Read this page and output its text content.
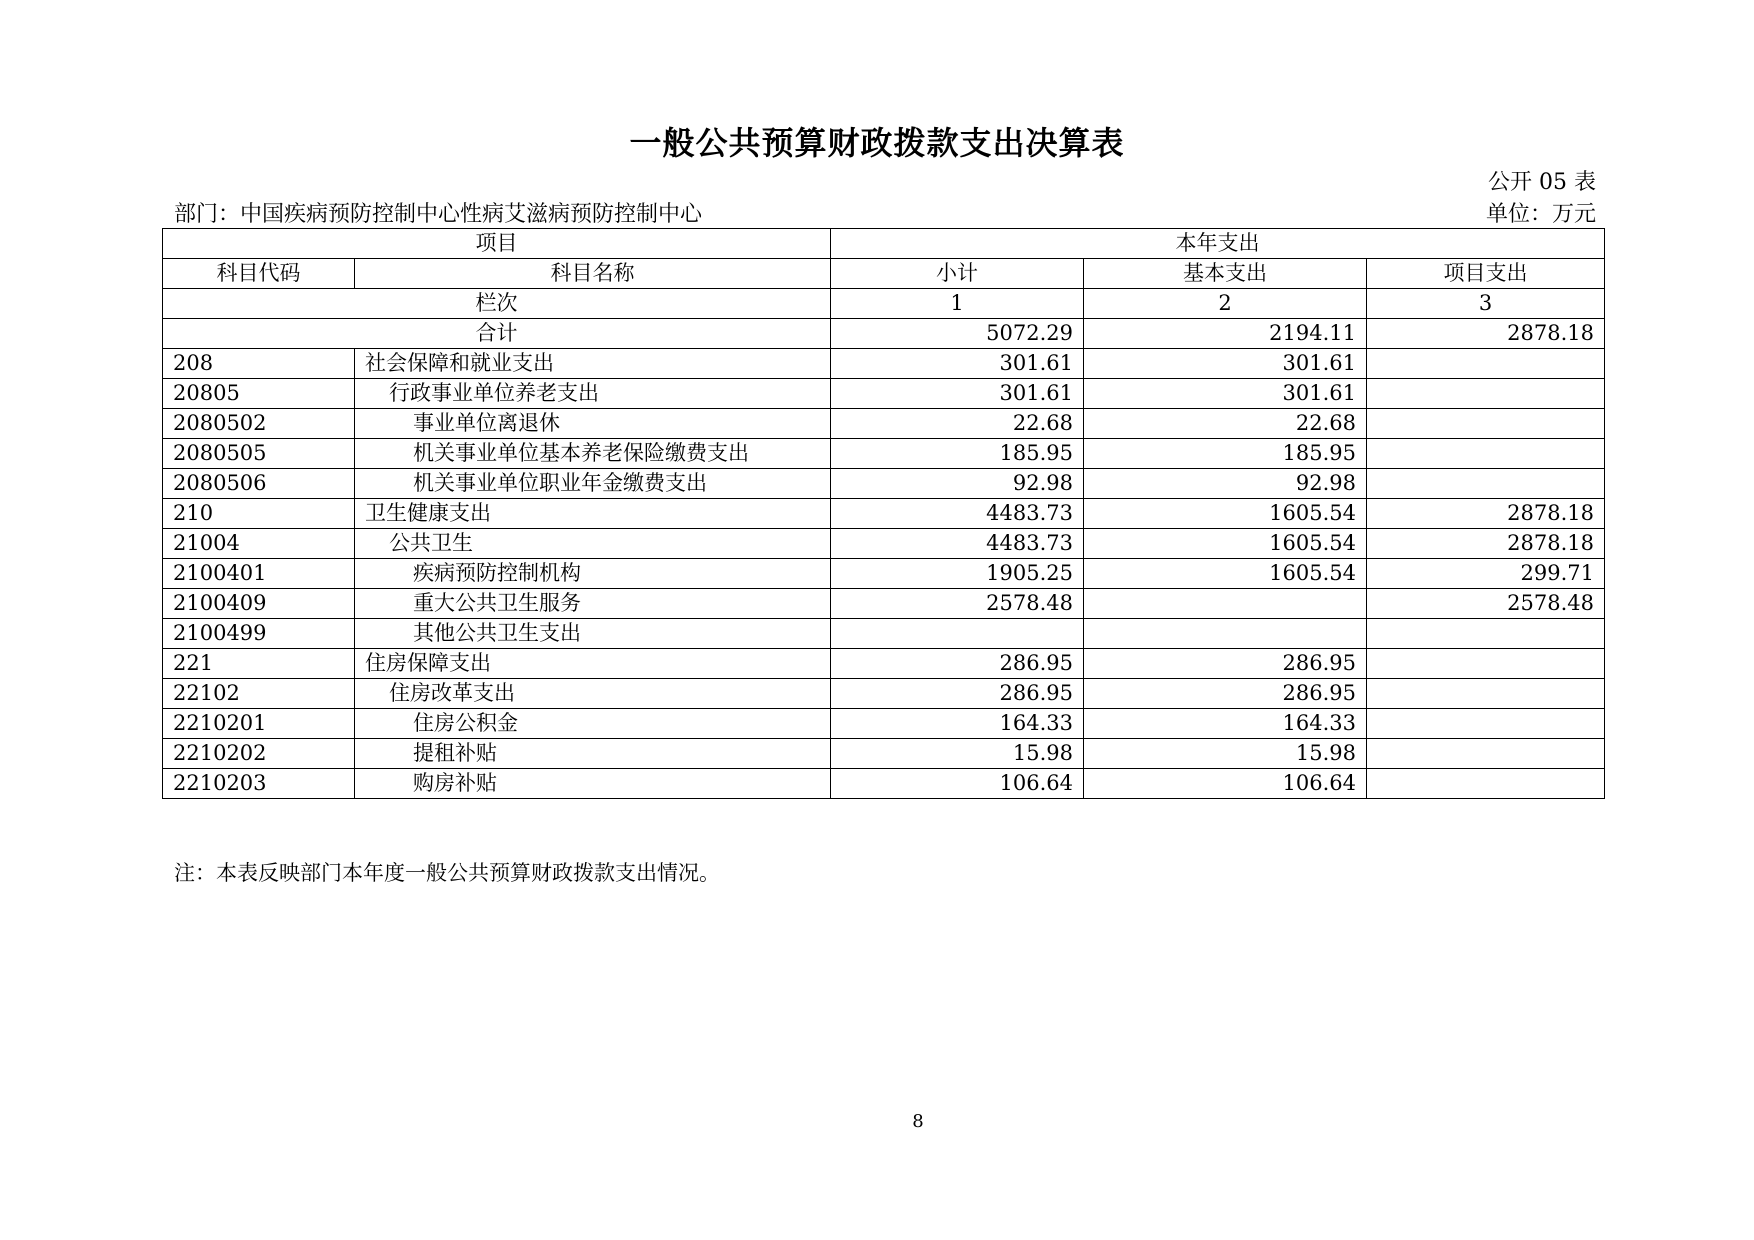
一般公共预算财政拨款支出决算表
公开 05 表
部门：中国疾病预防控制中心性病艾滋病预防控制中心	单位：万元
项目		本年支出		
科目代码	科目名称	小计	基本支出	项目支出
栏次		1	2	3
合计		5072.29	2194.11	2878.18
208	社会保障和就业支出	301.61	301.61	
20805	行政事业单位养老支出	301.61	301.61	
2080502	事业单位离退休	22.68	22.68	
2080505	机关事业单位基本养老保险缴费支出	185.95	185.95	
2080506	机关事业单位职业年金缴费支出	92.98	92.98	
210	卫生健康支出	4483.73	1605.54	2878.18
21004	公共卫生	4483.73	1605.54	2878.18
2100401	疾病预防控制机构	1905.25	1605.54	299.71
2100409	重大公共卫生服务	2578.48		2578.48
2100499	其他公共卫生支出			
221	住房保障支出	286.95	286.95	
22102	住房改革支出	286.95	286.95	
2210201	住房公积金	164.33	164.33	
2210202	提租补贴	15.98	15.98	
2210203	购房补贴	106.64	106.64	
注：本表反映部门本年度一般公共预算财政拨款支出情况。
8
